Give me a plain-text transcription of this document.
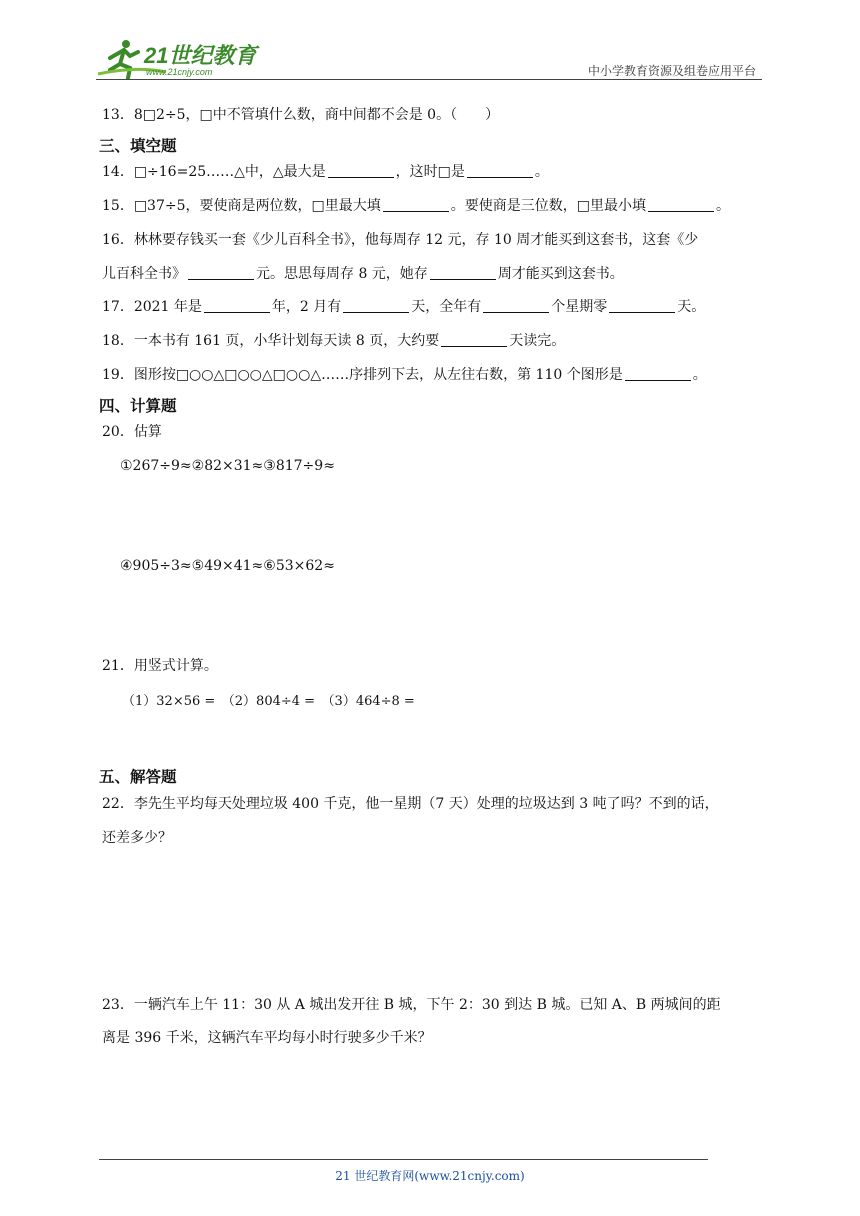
21世纪教育
www.21cnjy.com	中小学教育资源及组卷应用平台
13．8□2÷5，□中不管填什么数，商中间都不会是 0。（　　）
三、填空题
14．□÷16=25……△中，△最大是	，这时□是	。
15．□37÷5，要使商是两位数，□里最大填	。要使商是三位数，□里最小填	。
16．林林要存钱买一套《少儿百科全书》，他每周存 12 元，存 10 周才能买到这套书，这套《少
儿百科全书》	元。思思每周存 8 元，她存	周才能买到这套书。
17．2021 年是	年，2 月有	天，全年有	个星期零	天。
18．一本书有 161 页，小华计划每天读 8 页，大约要	天读完。
19．图形按□○○△□○○△□○○△……序排列下去，从左往右数，第 110 个图形是	。
四、计算题
20．估算
①267÷9≈②82×31≈③817÷9≈
④905÷3≈⑤49×41≈⑥53×62≈
21．用竖式计算。
（1）32×56 =　（2）804÷4 =　（3）464÷8 =
五、解答题
22．李先生平均每天处理垃圾 400 千克，他一星期（7 天）处理的垃圾达到 3 吨了吗？不到的话，
还差多少？
23．一辆汽车上午 11：30 从 A 城出发开往 B 城，下午 2：30 到达 B 城。已知 A、B 两城间的距
离是 396 千米，这辆汽车平均每小时行驶多少千米？
21 世纪教育网(www.21cnjy.com)
